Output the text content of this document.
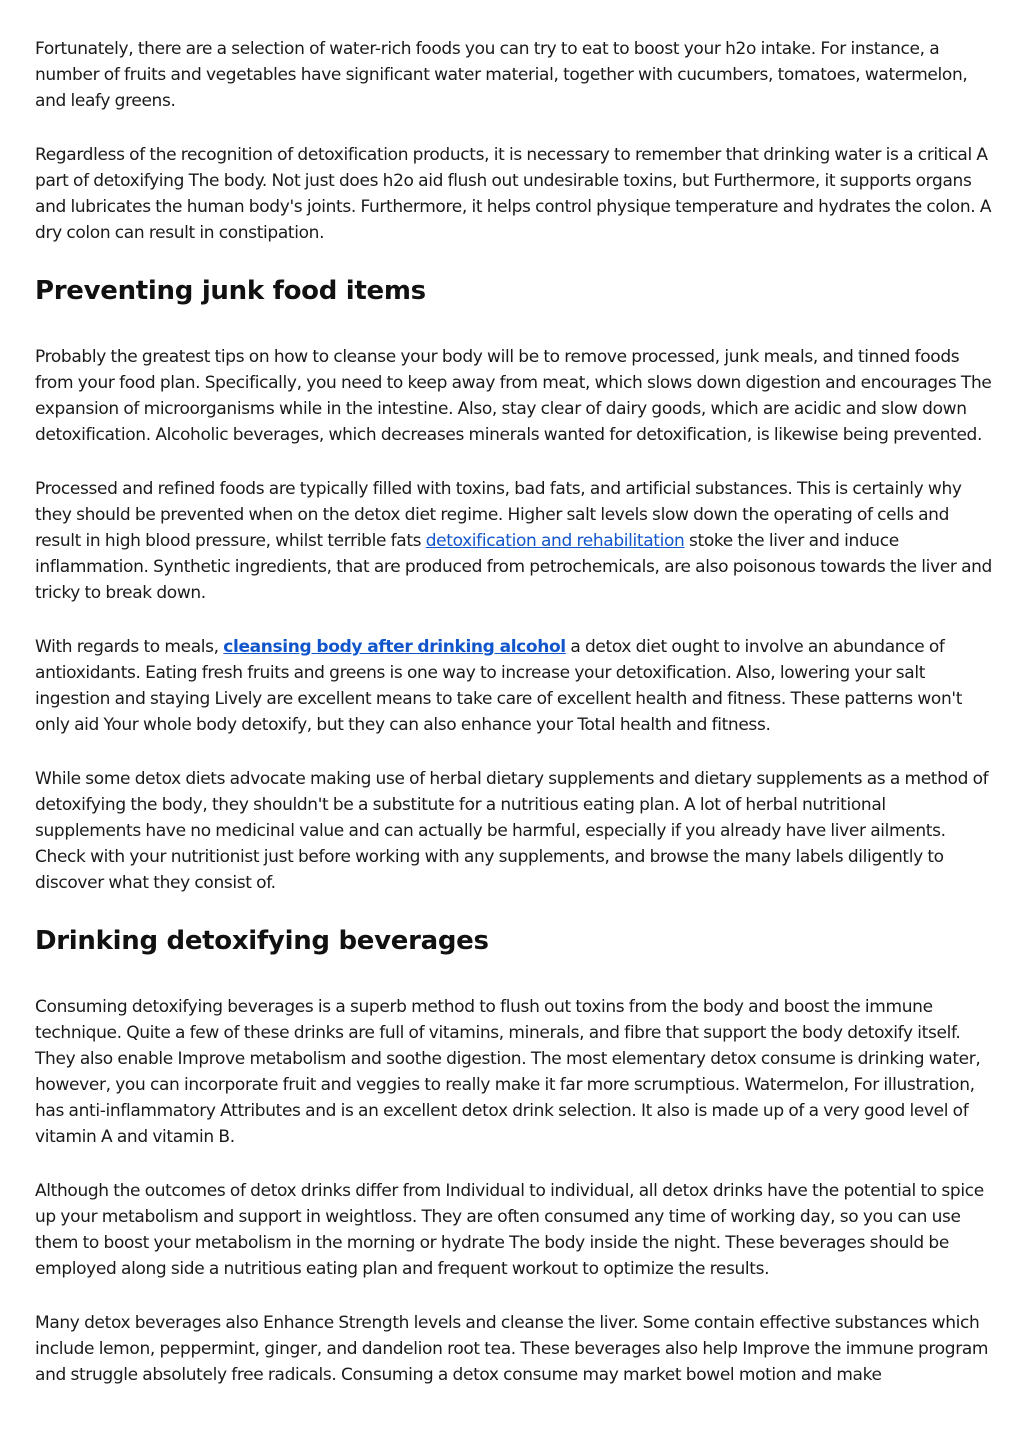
Fortunately, there are a selection of water-rich foods you can try to eat to boost your h2o intake. For instance, a number of fruits and vegetables have significant water material, together with cucumbers, tomatoes, watermelon, and leafy greens.

Regardless of the recognition of detoxification products, it is necessary to remember that drinking water is a critical A part of detoxifying The body. Not just does h2o aid flush out undesirable toxins, but Furthermore, it supports organs and lubricates the human body's joints. Furthermore, it helps control physique temperature and hydrates the colon. A dry colon can result in constipation.

Preventing junk food items

Probably the greatest tips on how to cleanse your body will be to remove processed, junk meals, and tinned foods from your food plan. Specifically, you need to keep away from meat, which slows down digestion and encourages The expansion of microorganisms while in the intestine. Also, stay clear of dairy goods, which are acidic and slow down detoxification. Alcoholic beverages, which decreases minerals wanted for detoxification, is likewise being prevented.

Processed and refined foods are typically filled with toxins, bad fats, and artificial substances. This is certainly why they should be prevented when on the detox diet regime. Higher salt levels slow down the operating of cells and result in high blood pressure, whilst terrible fats detoxification and rehabilitation stoke the liver and induce inflammation. Synthetic ingredients, that are produced from petrochemicals, are also poisonous towards the liver and tricky to break down.

With regards to meals, cleansing body after drinking alcohol a detox diet ought to involve an abundance of antioxidants. Eating fresh fruits and greens is one way to increase your detoxification. Also, lowering your salt ingestion and staying Lively are excellent means to take care of excellent health and fitness. These patterns won't only aid Your whole body detoxify, but they can also enhance your Total health and fitness.

While some detox diets advocate making use of herbal dietary supplements and dietary supplements as a method of detoxifying the body, they shouldn't be a substitute for a nutritious eating plan. A lot of herbal nutritional supplements have no medicinal value and can actually be harmful, especially if you already have liver ailments. Check with your nutritionist just before working with any supplements, and browse the many labels diligently to discover what they consist of.

Drinking detoxifying beverages

Consuming detoxifying beverages is a superb method to flush out toxins from the body and boost the immune technique. Quite a few of these drinks are full of vitamins, minerals, and fibre that support the body detoxify itself. They also enable Improve metabolism and soothe digestion. The most elementary detox consume is drinking water, however, you can incorporate fruit and veggies to really make it far more scrumptious. Watermelon, For illustration, has anti-inflammatory Attributes and is an excellent detox drink selection. It also is made up of a very good level of vitamin A and vitamin B.

Although the outcomes of detox drinks differ from Individual to individual, all detox drinks have the potential to spice up your metabolism and support in weightloss. They are often consumed any time of working day, so you can use them to boost your metabolism in the morning or hydrate The body inside the night. These beverages should be employed along side a nutritious eating plan and frequent workout to optimize the results.

Many detox beverages also Enhance Strength levels and cleanse the liver. Some contain effective substances which include lemon, peppermint, ginger, and dandelion root tea. These beverages also help Improve the immune program and struggle absolutely free radicals. Consuming a detox consume may market bowel motion and make
